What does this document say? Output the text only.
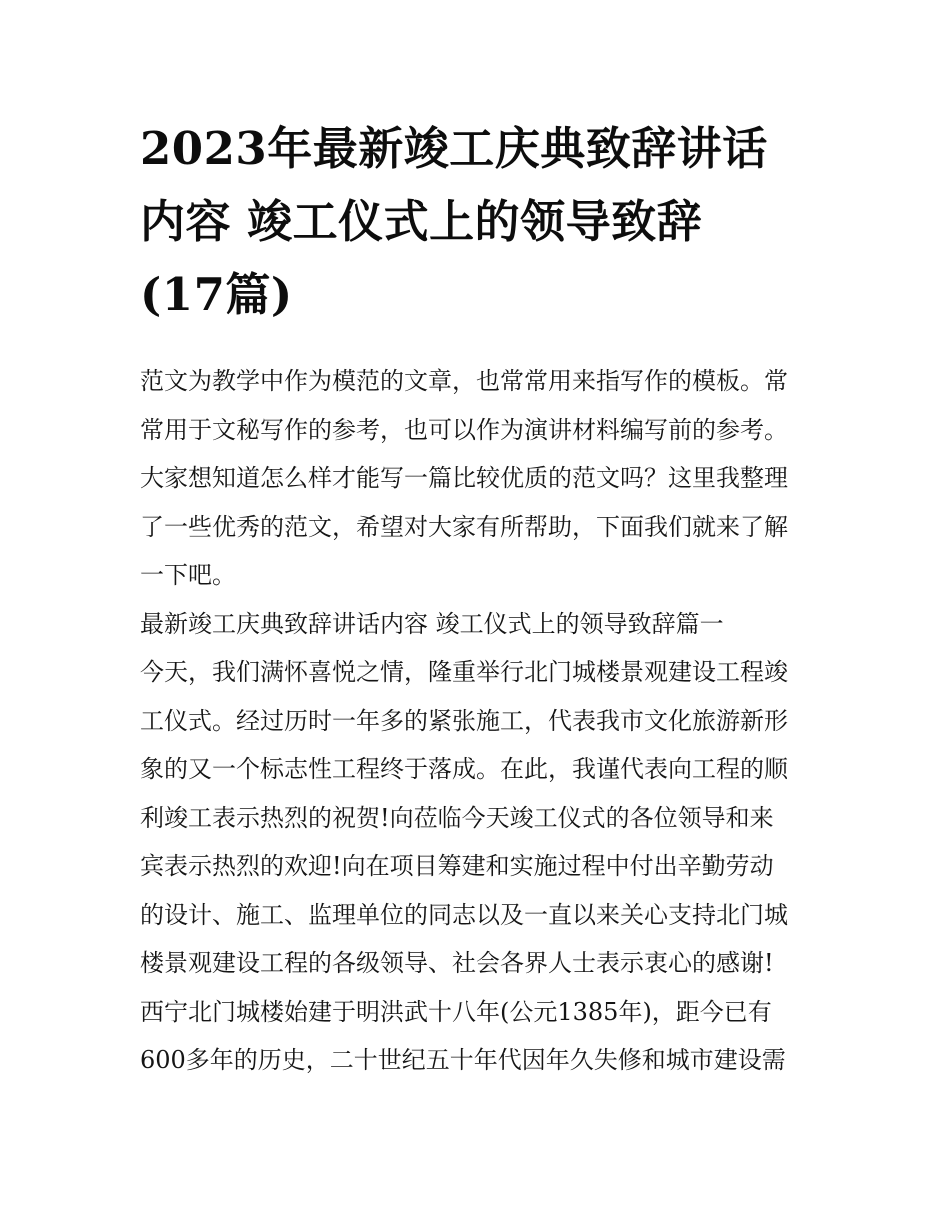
2023年最新竣工庆典致辞讲话
内容 竣工仪式上的领导致辞
(17篇)
范文为教学中作为模范的文章，也常常用来指写作的模板。常
常用于文秘写作的参考，也可以作为演讲材料编写前的参考。
大家想知道怎么样才能写一篇比较优质的范文吗？这里我整理
了一些优秀的范文，希望对大家有所帮助，下面我们就来了解
一下吧。
最新竣工庆典致辞讲话内容 竣工仪式上的领导致辞篇一
今天，我们满怀喜悦之情，隆重举行北门城楼景观建设工程竣
工仪式。经过历时一年多的紧张施工，代表我市文化旅游新形
象的又一个标志性工程终于落成。在此，我谨代表向工程的顺
利竣工表示热烈的祝贺!向莅临今天竣工仪式的各位领导和来
宾表示热烈的欢迎!向在项目筹建和实施过程中付出辛勤劳动
的设计、施工、监理单位的同志以及一直以来关心支持北门城
楼景观建设工程的各级领导、社会各界人士表示衷心的感谢!
西宁北门城楼始建于明洪武十八年(公元1385年)，距今已有
600多年的历史，二十世纪五十年代因年久失修和城市建设需
